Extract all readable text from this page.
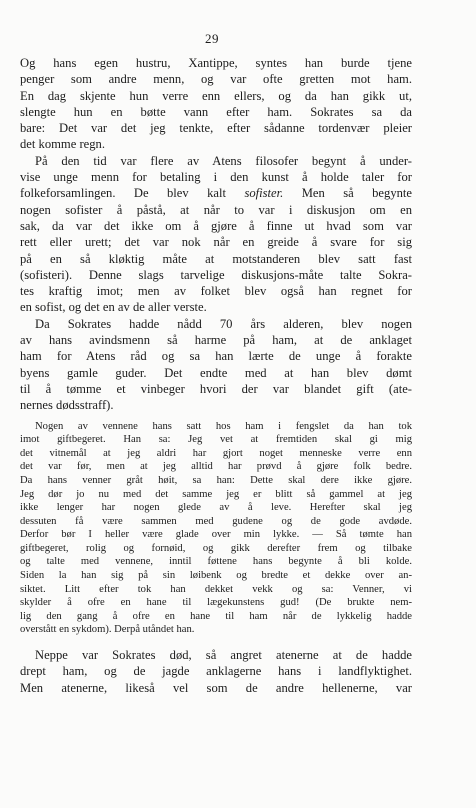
29

Og hans egen hustru, Xantippe, syntes han burde tjene
penger som andre menn, og var ofte gretten mot ham.
En dag skjente hun verre enn ellers, og da han gikk ut,
slengte hun en bøtte vann efter ham. Sokrates sa da
bare: Det var det jeg tenkte, efter sådanne tordenvær pleier
det komme regn.

På den tid var flere av Atens filosofer begynt å under-
vise unge menn for betaling i den kunst å holde taler for
folkeforsamlingen. De blev kalt sofister. Men så begynte
nogen sofister å påstå, at når to var i diskusjon om en
sak, da var det ikke om å gjøre å finne ut hvad som var
rett eller urett; det var nok når en greide å svare for sig
på en så kløktig måte at motstanderen blev satt fast
(sofisteri). Denne slags tarvelige diskusjons-måte talte Sokra-
tes kraftig imot; men av folket blev også han regnet for
en sofist, og det en av de aller verste.

Da Sokrates hadde nådd 70 års alderen, blev nogen
av hans avindsmenn så harme på ham, at de anklaget
ham for Atens råd og sa han lærte de unge å forakte
byens gamle guder. Det endte med at han blev dømt
til å tømme et vinbeger hvori der var blandet gift (ate-
nernes dødsstraff).

Nogen av vennene hans satt hos ham i fengslet da han tok
imot giftbegeret. Han sa: Jeg vet at fremtiden skal gi mig
det vitnemål at jeg aldri har gjort noget menneske verre enn
det var før, men at jeg alltid har prøvd å gjøre folk bedre.
Da hans venner gråt høit, sa han: Dette skal dere ikke gjøre.
Jeg dør jo nu med det samme jeg er blitt så gammel at jeg
ikke lenger har nogen glede av å leve. Herefter skal jeg
dessuten få være sammen med gudene og de gode avdøde.
Derfor bør I heller være glade over min lykke. — Så tømte han
giftbegeret, rolig og fornøid, og gikk derefter frem og tilbake
og talte med vennene, inntil føttene hans begynte å bli kolde.
Siden la han sig på sin løibenk og bredte et dekke over an-
siktet. Litt efter tok han dekket vekk og sa: Venner, vi
skylder å ofre en hane til lægekunstens gud! (De brukte nem-
lig den gang å ofre en hane til ham når de lykkelig hadde
overstått en sykdom). Derpå utåndet han.

Neppe var Sokrates død, så angret atenerne at de hadde
drept ham, og de jagde anklagerne hans i landflyktighet.
Men atenerne, likeså vel som de andre hellenerne, var
